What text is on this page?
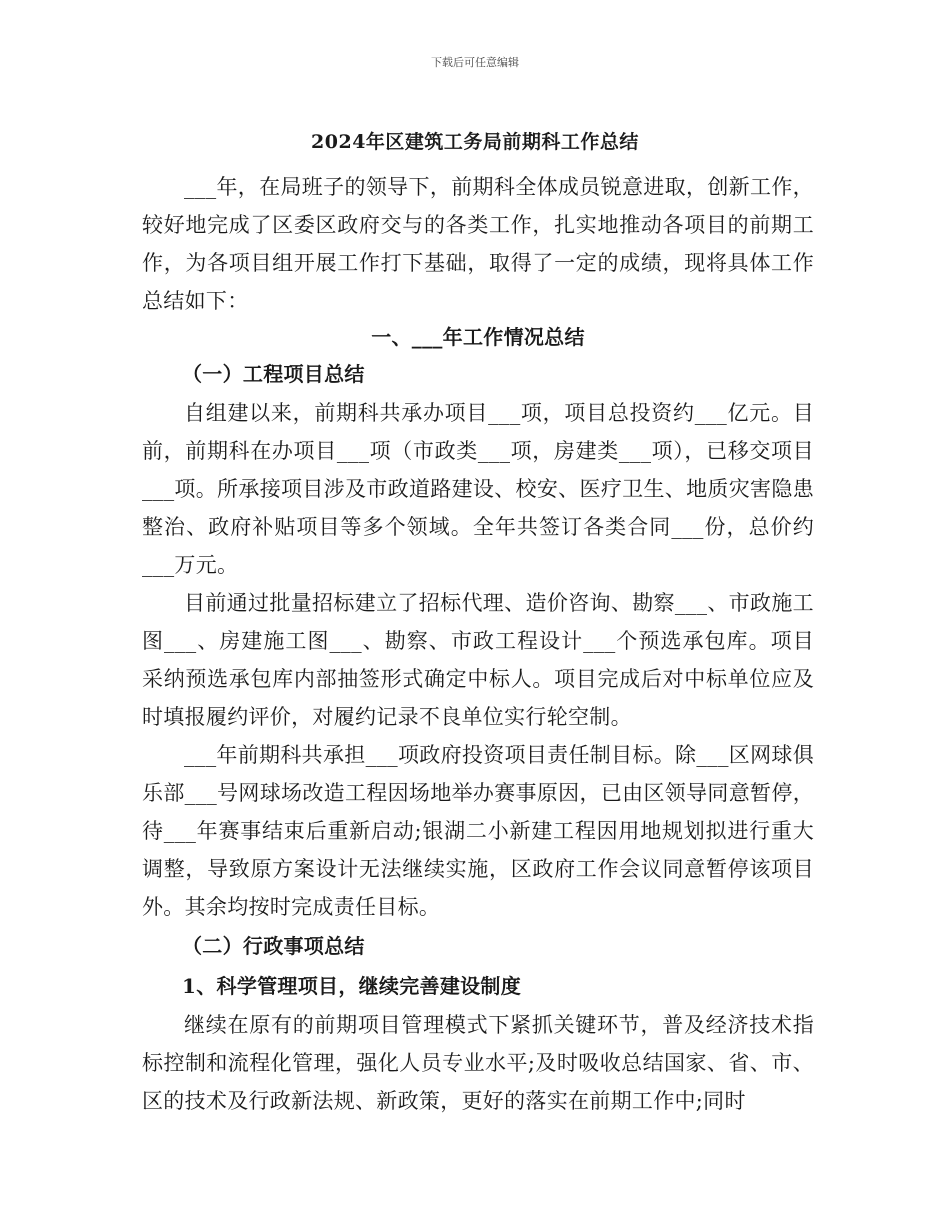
下载后可任意编辑
2024年区建筑工务局前期科工作总结

___年，在局班子的领导下，前期科全体成员锐意进取，创新工作，较好地完成了区委区政府交与的各类工作，扎实地推动各项目的前期工作，为各项目组开展工作打下基础，取得了一定的成绩，现将具体工作总结如下：

一、___年工作情况总结

（一）工程项目总结

自组建以来，前期科共承办项目___项，项目总投资约___亿元。目前，前期科在办项目___项（市政类___项，房建类___项），已移交项目___项。所承接项目涉及市政道路建设、校安、医疗卫生、地质灾害隐患整治、政府补贴项目等多个领域。全年共签订各类合同___份，总价约___万元。

目前通过批量招标建立了招标代理、造价咨询、勘察___、市政施工图___、房建施工图___、勘察、市政工程设计___个预选承包库。项目采纳预选承包库内部抽签形式确定中标人。项目完成后对中标单位应及时填报履约评价，对履约记录不良单位实行轮空制。

___年前期科共承担___项政府投资项目责任制目标。除___区网球俱乐部___号网球场改造工程因场地举办赛事原因，已由区领导同意暂停，待___年赛事结束后重新启动;银湖二小新建工程因用地规划拟进行重大调整，导致原方案设计无法继续实施，区政府工作会议同意暂停该项目外。其余均按时完成责任目标。

（二）行政事项总结

1、科学管理项目，继续完善建设制度

继续在原有的前期项目管理模式下紧抓关键环节，普及经济技术指标控制和流程化管理，强化人员专业水平;及时吸收总结国家、省、市、区的技术及行政新法规、新政策，更好的落实在前期工作中;同时
